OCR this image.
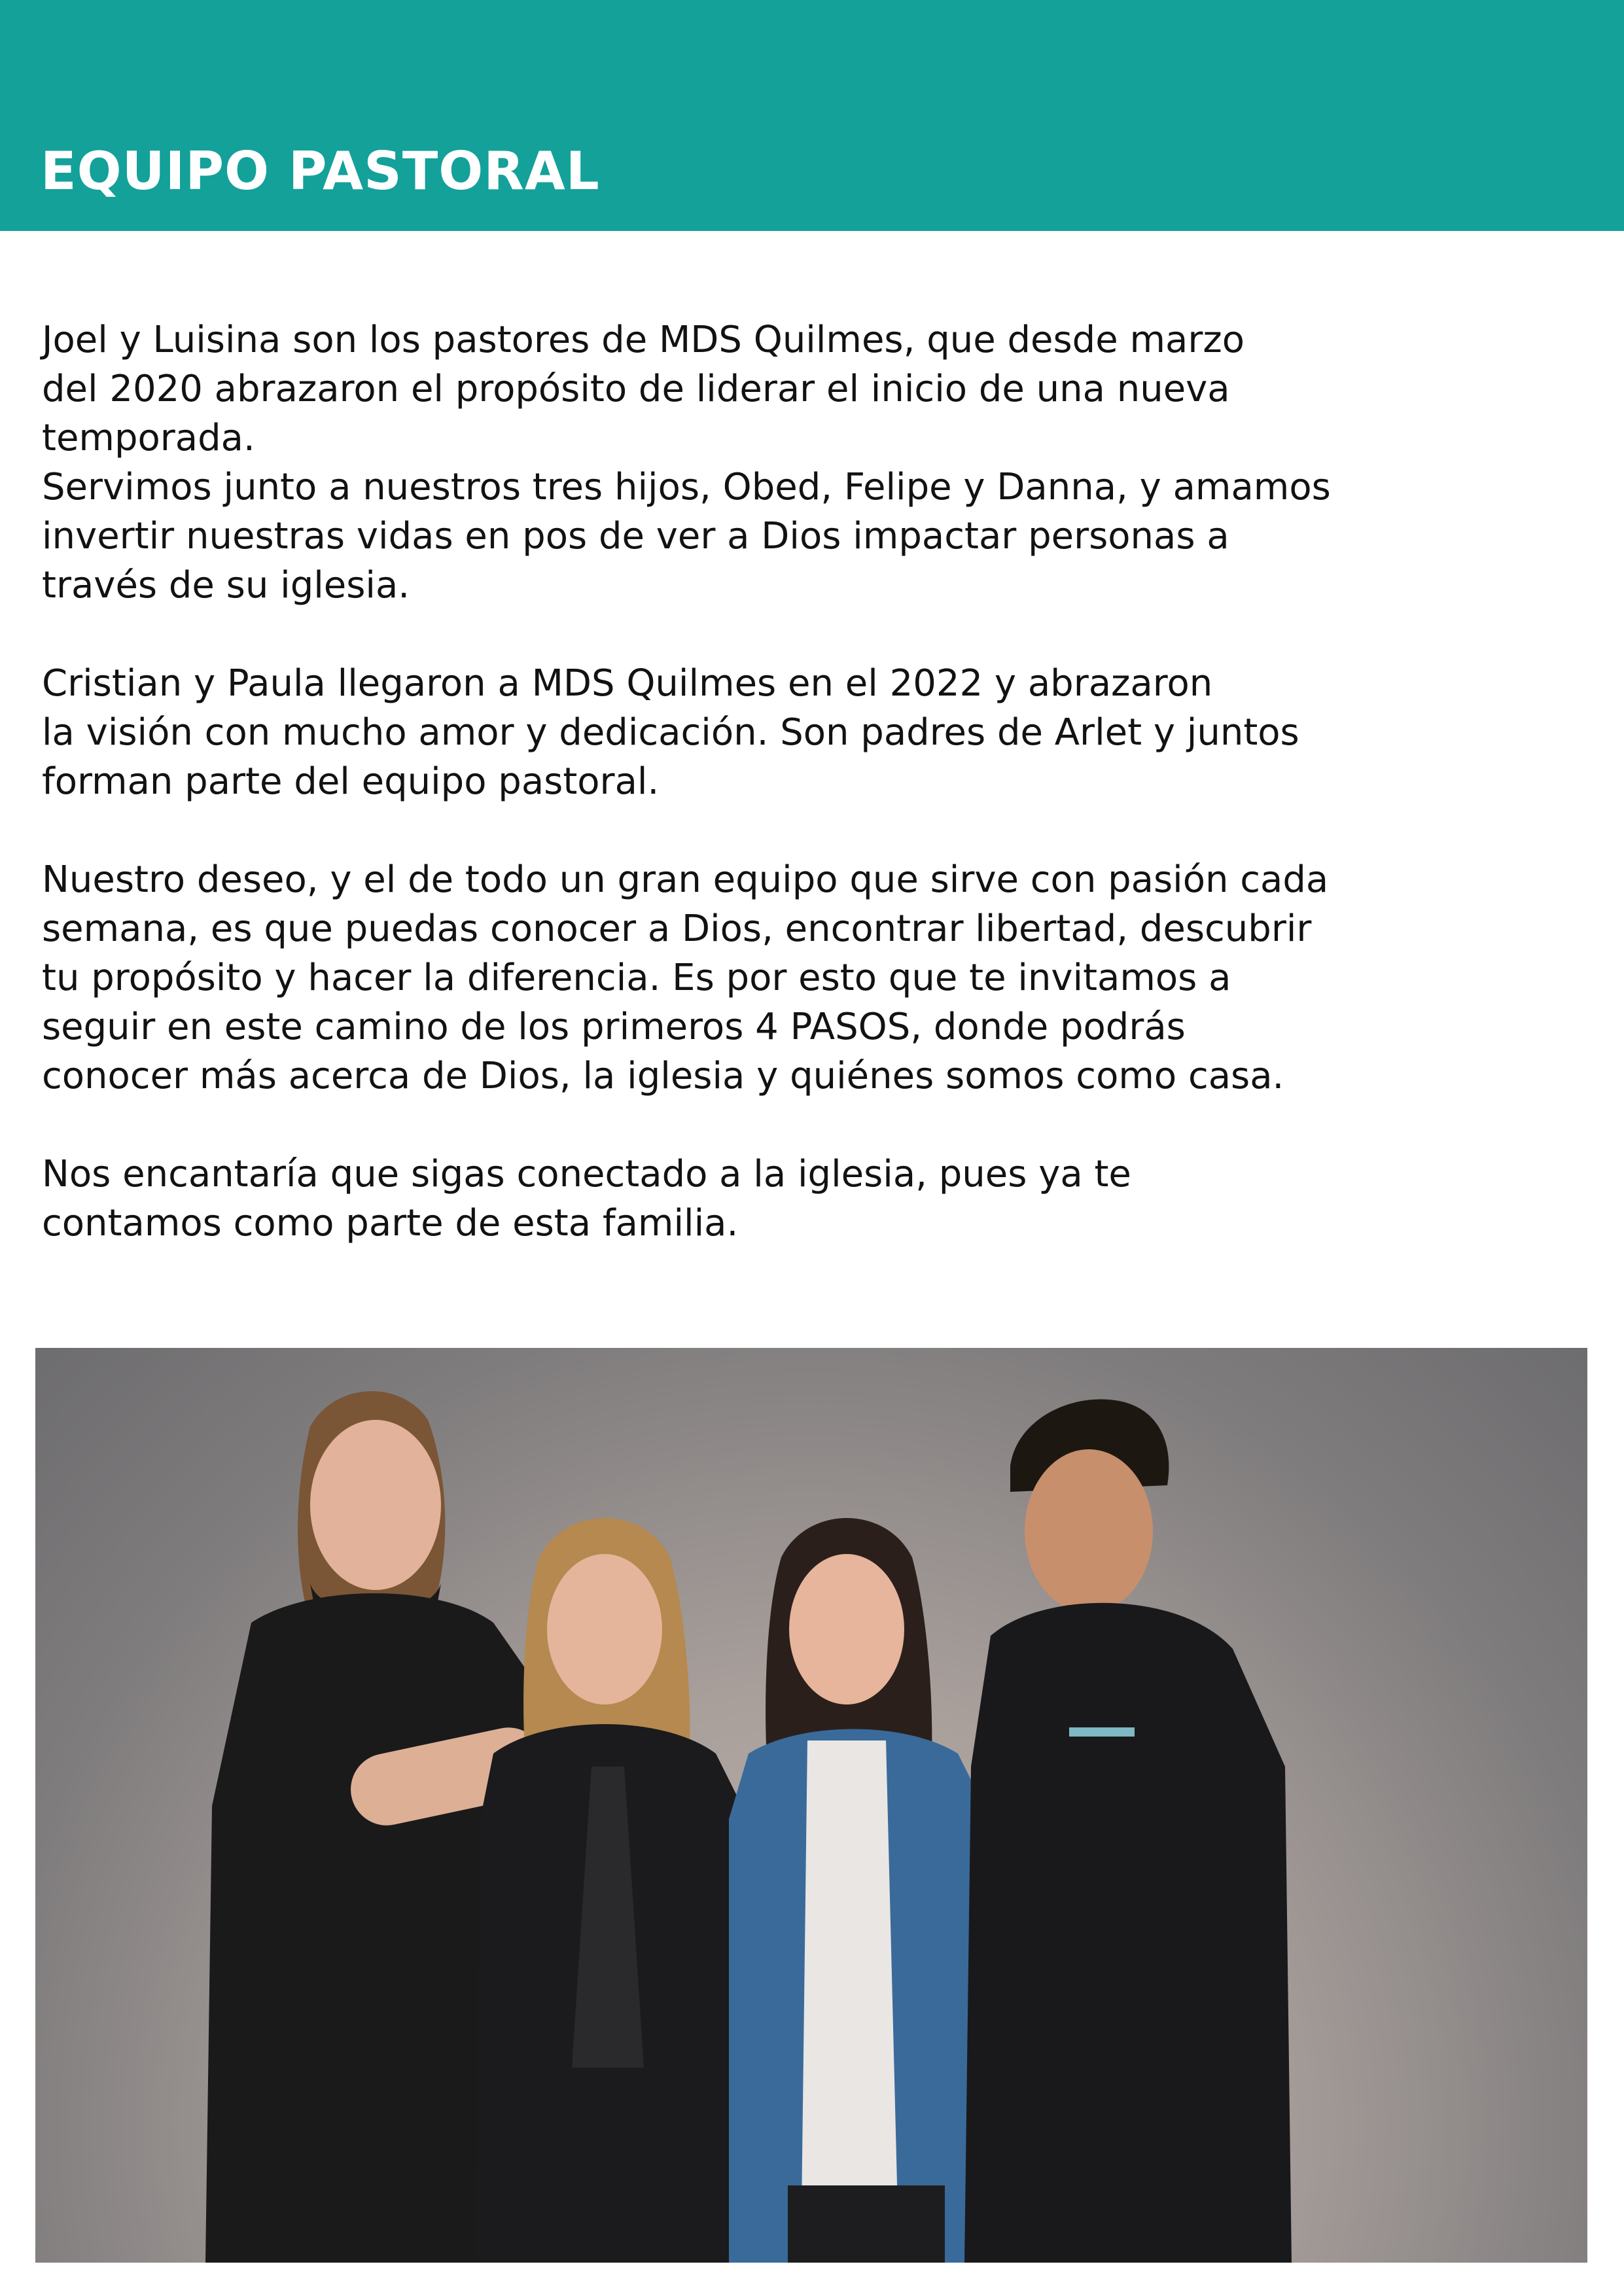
EQUIPO PASTORAL

Joel y Luisina son los pastores de MDS Quilmes, que desde marzo
del 2020 abrazaron el propósito de liderar el inicio de una nueva
temporada.
Servimos junto a nuestros tres hijos, Obed, Felipe y Danna, y amamos
invertir nuestras vidas en pos de ver a Dios impactar personas a
través de su iglesia.

Cristian y Paula llegaron a MDS Quilmes en el 2022 y abrazaron
la visión con mucho amor y dedicación. Son padres de Arlet y juntos
forman parte del equipo pastoral.

Nuestro deseo, y el de todo un gran equipo que sirve con pasión cada
semana, es que puedas conocer a Dios, encontrar libertad, descubrir
tu propósito y hacer la diferencia. Es por esto que te invitamos a
seguir en este camino de los primeros 4 PASOS, donde podrás
conocer más acerca de Dios, la iglesia y quiénes somos como casa.

Nos encantaría que sigas conectado a la iglesia, pues ya te
contamos como parte de esta familia.
